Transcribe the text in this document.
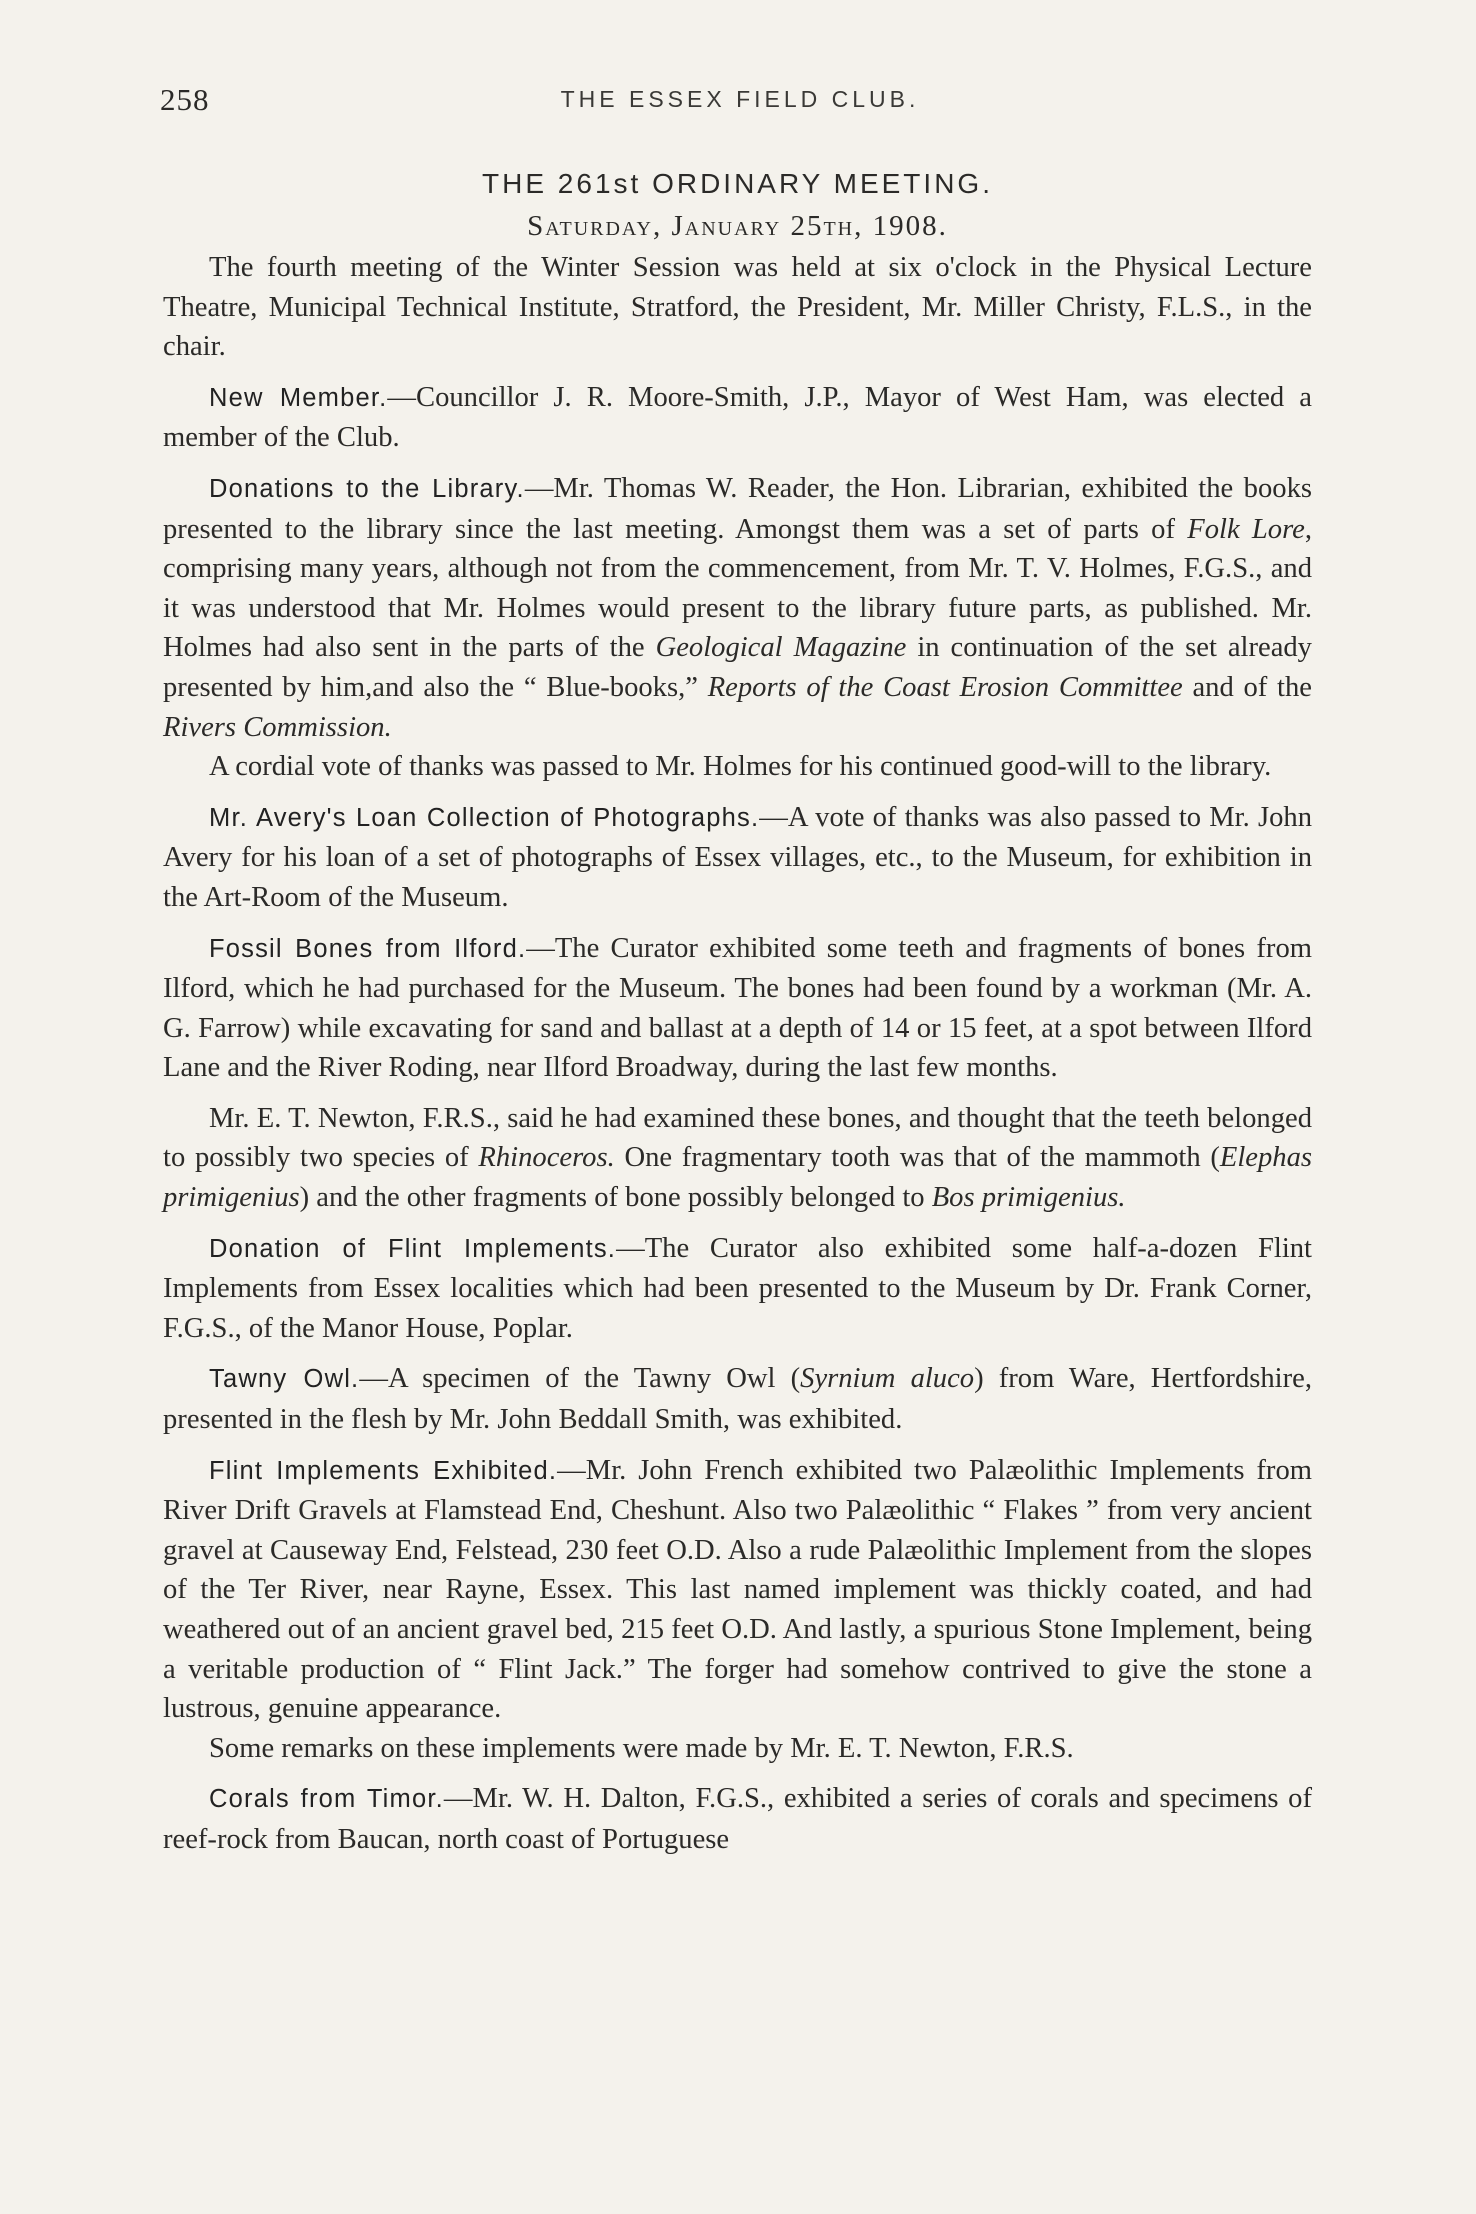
258	THE ESSEX FIELD CLUB.
THE 261st ORDINARY MEETING.
Saturday, January 25th, 1908.

The fourth meeting of the Winter Session was held at six o'clock in the Physical Lecture Theatre, Municipal Technical Institute, Stratford, the President, Mr. Miller Christy, F.L.S., in the chair.

New Member.—Councillor J. R. Moore-Smith, J.P., Mayor of West Ham, was elected a member of the Club.

Donations to the Library.—Mr. Thomas W. Reader, the Hon. Librarian, exhibited the books presented to the library since the last meeting. Amongst them was a set of parts of Folk Lore, comprising many years, although not from the commencement, from Mr. T. V. Holmes, F.G.S., and it was understood that Mr. Holmes would present to the library future parts, as published. Mr. Holmes had also sent in the parts of the Geological Magazine in continuation of the set already presented by him,and also the “ Blue-books,” Reports of the Coast Erosion Committee and of the Rivers Commission.

A cordial vote of thanks was passed to Mr. Holmes for his continued good-will to the library.

Mr. Avery's Loan Collection of Photographs.—A vote of thanks was also passed to Mr. John Avery for his loan of a set of photographs of Essex villages, etc., to the Museum, for exhibition in the Art-Room of the Museum.

Fossil Bones from Ilford.—The Curator exhibited some teeth and fragments of bones from Ilford, which he had purchased for the Museum. The bones had been found by a workman (Mr. A. G. Farrow) while excavating for sand and ballast at a depth of 14 or 15 feet, at a spot between Ilford Lane and the River Roding, near Ilford Broadway, during the last few months.

Mr. E. T. Newton, F.R.S., said he had examined these bones, and thought that the teeth belonged to possibly two species of Rhinoceros. One fragmentary tooth was that of the mammoth (Elephas primigenius) and the other fragments of bone possibly belonged to Bos primigenius.

Donation of Flint Implements.—The Curator also exhibited some half-a-dozen Flint Implements from Essex localities which had been presented to the Museum by Dr. Frank Corner, F.G.S., of the Manor House, Poplar.

Tawny Owl.—A specimen of the Tawny Owl (Syrnium aluco) from Ware, Hertfordshire, presented in the flesh by Mr. John Beddall Smith, was exhibited.

Flint Implements Exhibited.—Mr. John French exhibited two Palæolithic Implements from River Drift Gravels at Flamstead End, Cheshunt. Also two Palæolithic “ Flakes ” from very ancient gravel at Causeway End, Felstead, 230 feet O.D. Also a rude Palæolithic Implement from the slopes of the Ter River, near Rayne, Essex. This last named implement was thickly coated, and had weathered out of an ancient gravel bed, 215 feet O.D. And lastly, a spurious Stone Implement, being a veritable production of “ Flint Jack.” The forger had somehow contrived to give the stone a lustrous, genuine appearance.

Some remarks on these implements were made by Mr. E. T. Newton, F.R.S.

Corals from Timor.—Mr. W. H. Dalton, F.G.S., exhibited a series of corals and specimens of reef-rock from Baucan, north coast of Portuguese
